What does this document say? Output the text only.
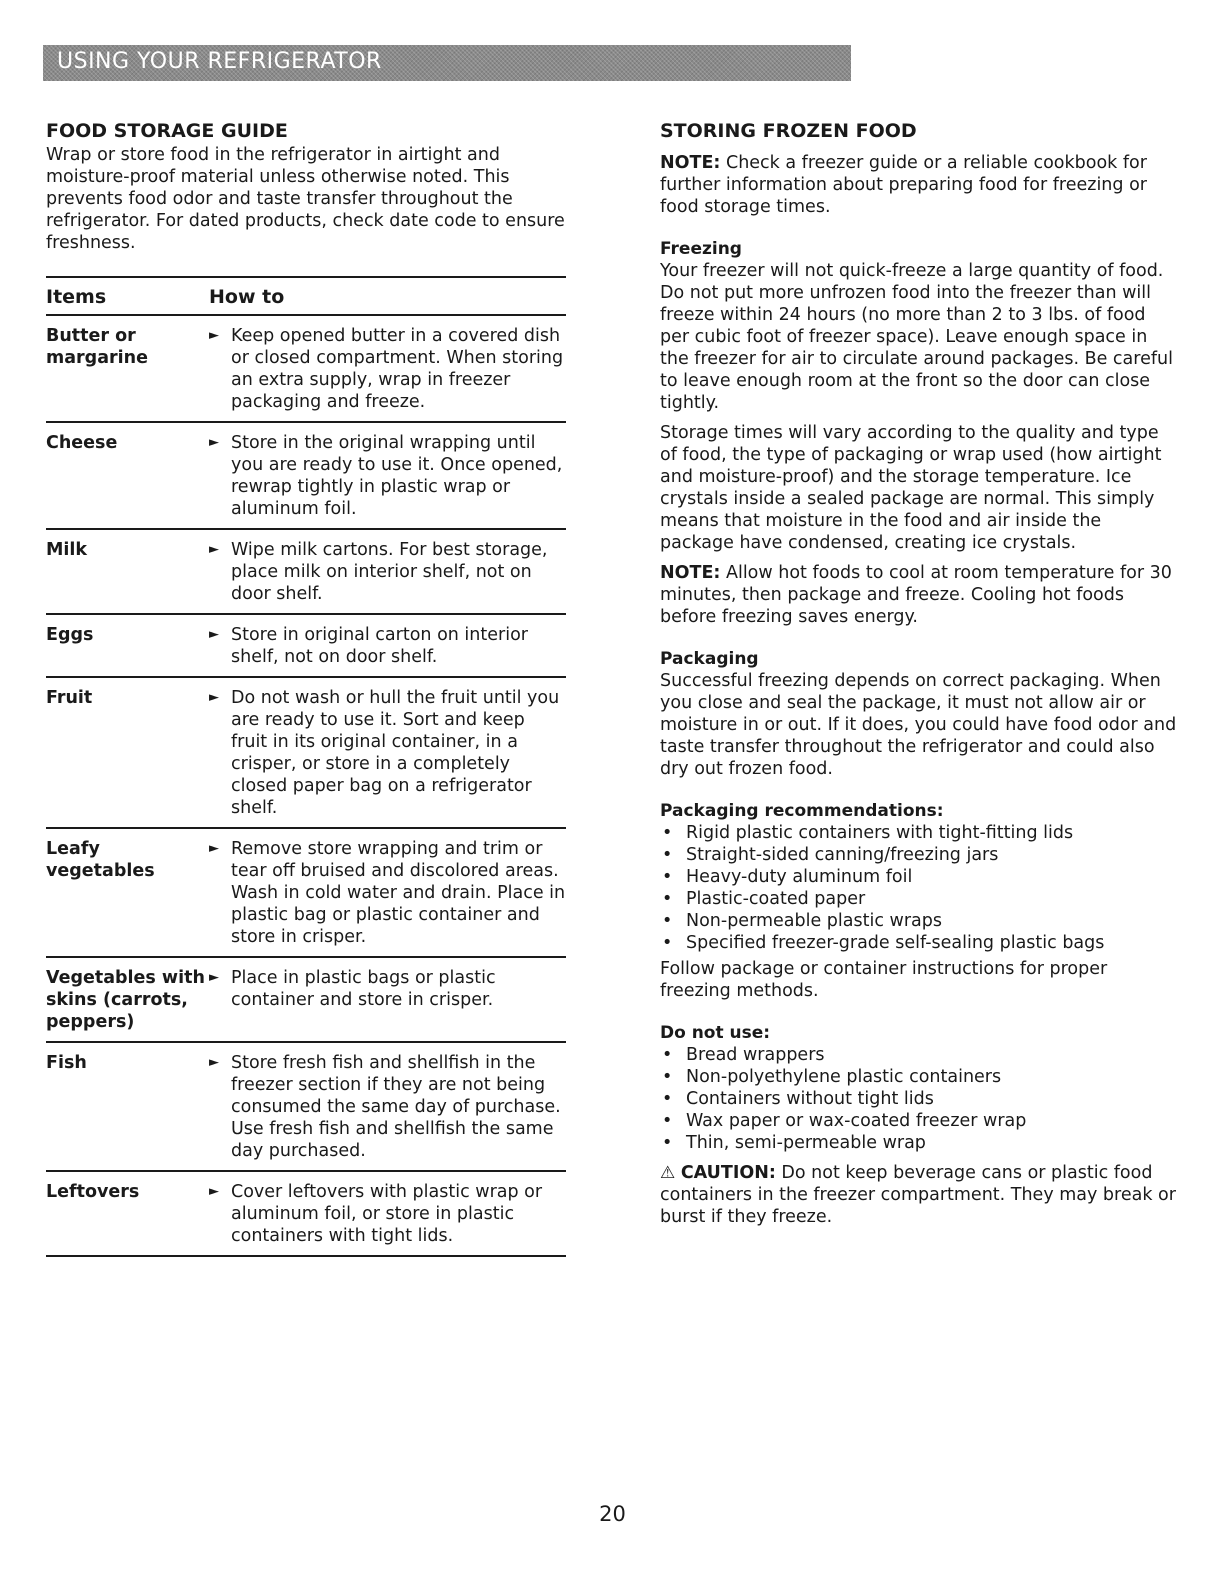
USING YOUR REFRIGERATOR
FOOD STORAGE GUIDE

Wrap or store food in the refrigerator in airtight and moisture-proof material unless otherwise noted. This prevents food odor and taste transfer throughout the refrigerator. For dated products, check date code to ensure freshness.

Items	How to
Butter or margarine	► Keep opened butter in a covered dish or closed compartment. When storing an extra supply, wrap in freezer packaging and freeze.

Cheese	► Store in the original wrapping until you are ready to use it. Once opened, rewrap tightly in plastic wrap or aluminum foil.

Milk	► Wipe milk cartons. For best storage, place milk on interior shelf, not on door shelf.

Eggs	► Store in original carton on interior shelf, not on door shelf.

Fruit	► Do not wash or hull the fruit until you are ready to use it. Sort and keep fruit in its original container, in a crisper, or store in a completely closed paper bag on a refrigerator shelf.

Leafy vegetables	► Remove store wrapping and trim or tear off bruised and discolored areas. Wash in cold water and drain. Place in plastic bag or plastic container and store in crisper.

Vegetables with skins (carrots, peppers)	► Place in plastic bags or plastic container and store in crisper.

Fish	► Store fresh fish and shellfish in the freezer section if they are not being consumed the same day of purchase. Use fresh fish and shellfish the same day purchased.

Leftovers	► Cover leftovers with plastic wrap or aluminum foil, or store in plastic containers with tight lids.
STORING FROZEN FOOD

NOTE: Check a freezer guide or a reliable cookbook for further information about preparing food for freezing or food storage times.

Freezing

Your freezer will not quick-freeze a large quantity of food. Do not put more unfrozen food into the freezer than will freeze within 24 hours (no more than 2 to 3 lbs. of food per cubic foot of freezer space). Leave enough space in the freezer for air to circulate around packages. Be careful to leave enough room at the front so the door can close tightly.

Storage times will vary according to the quality and type of food, the type of packaging or wrap used (how airtight and moisture-proof) and the storage temperature. Ice crystals inside a sealed package are normal. This simply means that moisture in the food and air inside the package have condensed, creating ice crystals.

NOTE: Allow hot foods to cool at room temperature for 30 minutes, then package and freeze. Cooling hot foods before freezing saves energy.

Packaging

Successful freezing depends on correct packaging. When you close and seal the package, it must not allow air or moisture in or out. If it does, you could have food odor and taste transfer throughout the refrigerator and could also dry out frozen food.

Packaging recommendations:
• Rigid plastic containers with tight-fitting lids
• Straight-sided canning/freezing jars
• Heavy-duty aluminum foil
• Plastic-coated paper
• Non-permeable plastic wraps
• Specified freezer-grade self-sealing plastic bags

Follow package or container instructions for proper freezing methods.

Do not use:
• Bread wrappers
• Non-polyethylene plastic containers
• Containers without tight lids
• Wax paper or wax-coated freezer wrap
• Thin, semi-permeable wrap

⚠ CAUTION: Do not keep beverage cans or plastic food containers in the freezer compartment. They may break or burst if they freeze.

20
